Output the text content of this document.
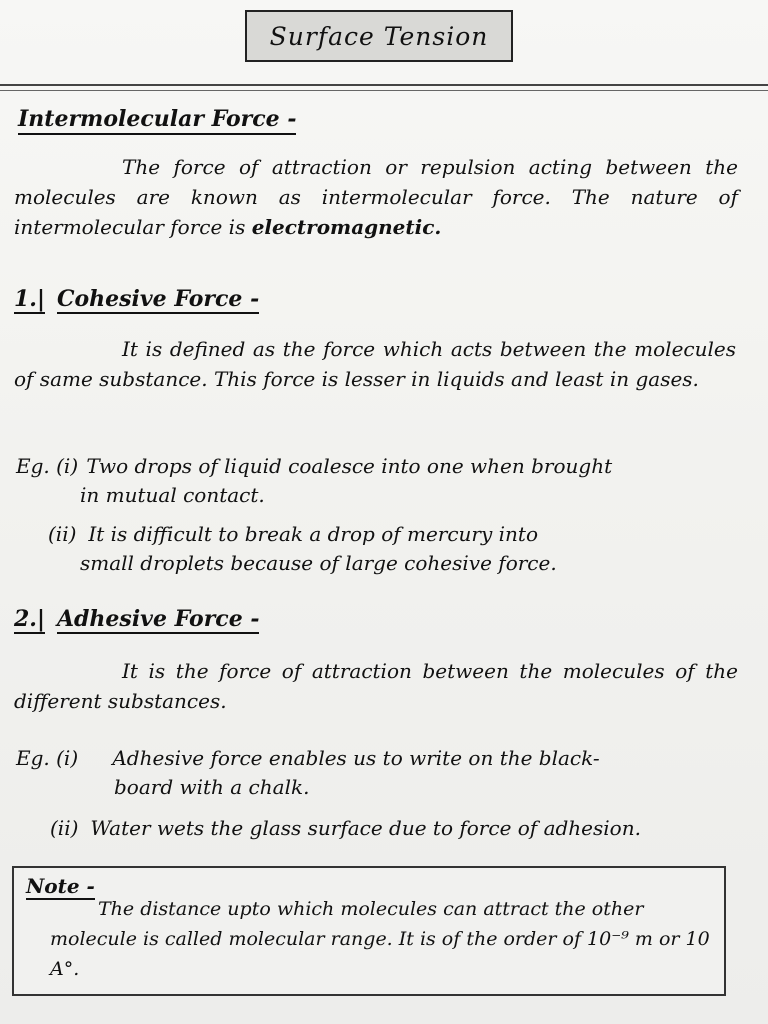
Surface Tension
Intermolecular Force -
The force of attraction or repulsion acting between the molecules are known as intermolecular force. The nature of intermolecular force is electromagnetic.
1.| Cohesive Force -
It is defined as the force which acts between the molecules of same substance. This force is lesser in liquids and least in gases.
Eg. (i) Two drops of liquid coalesce into one when brought
in mutual contact.
(ii) It is difficult to break a drop of mercury into
small droplets because of large cohesive force.
2.| Adhesive Force -
It is the force of attraction between the molecules of the different substances.
Eg. (i) Adhesive force enables us to write on the black-
board with a chalk.
(ii) Water wets the glass surface due to force of adhesion.
Note -
The distance upto which molecules can attract the other molecule is called molecular range. It is of the order of 10⁻⁹ m or 10 A°.
